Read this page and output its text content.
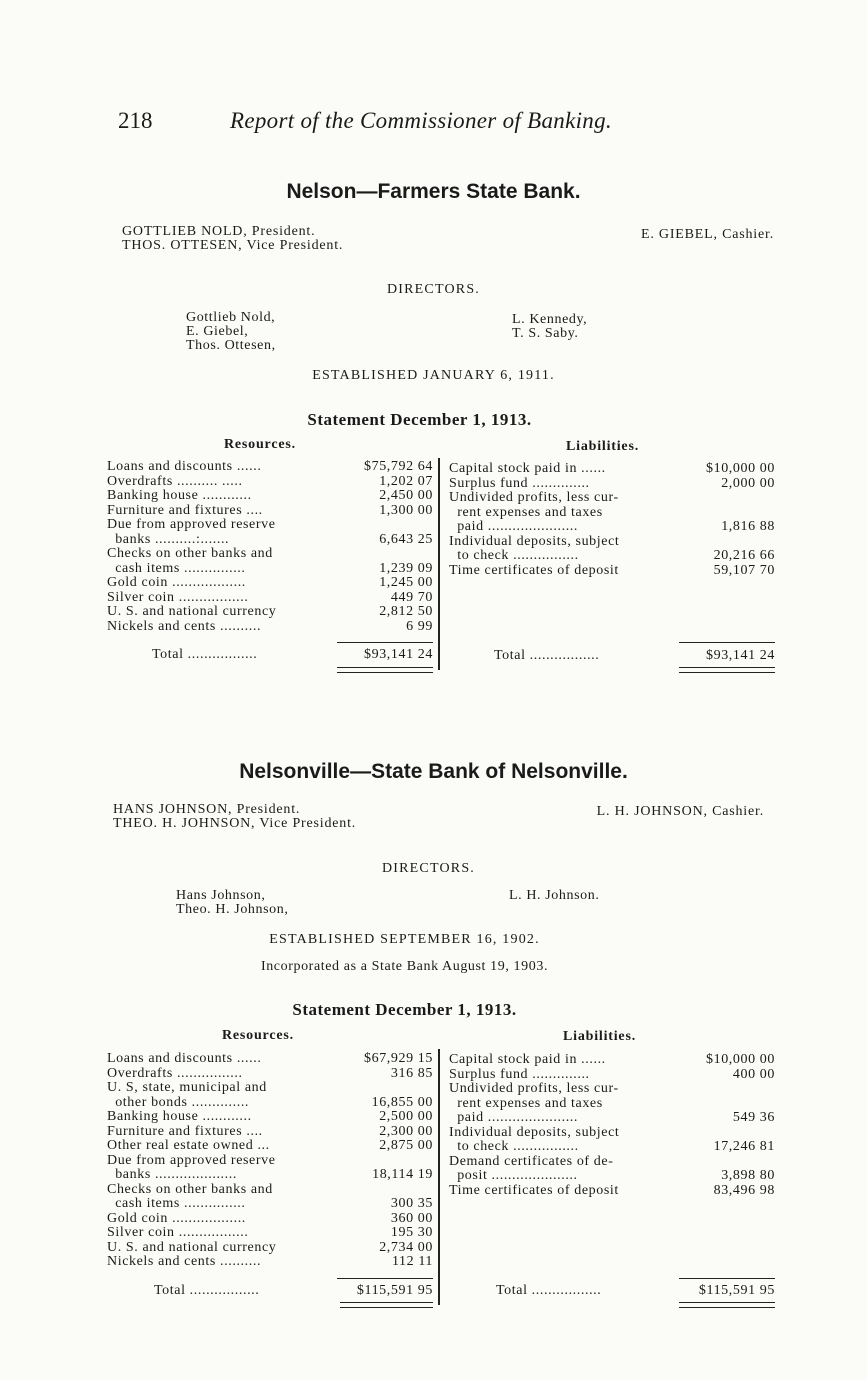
218	Report of the Commissioner of Banking.
Nelson—Farmers State Bank.
GOTTLIEB NOLD, President.
THOS. OTTESEN, Vice President.
E. GIEBEL, Cashier.
DIRECTORS.
Gottlieb Nold,
E. Giebel,
Thos. Ottesen,
L. Kennedy,
T. S. Saby.
ESTABLISHED JANUARY 6, 1911.
Statement December 1, 1913.
Resources.	Liabilities.
Loans and discounts ......	$75,792 64
Overdrafts .......... .....	1,202 07
Banking house ............	2,450 00
Furniture and fixtures ....	1,300 00
Due from approved reserve
banks ..........:.......	6,643 25
Checks on other banks and
cash items ...............	1,239 09
Gold coin ..................	1,245 00
Silver coin .................	449 70
U. S. and national currency	2,812 50
Nickels and cents ..........	6 99
Capital stock paid in ......	$10,000 00
Surplus fund ..............	2,000 00
Undivided profits, less cur-
rent expenses and taxes
paid ......................	1,816 88
Individual deposits, subject
to check ................	20,216 66
Time certificates of deposit	59,107 70
Total .................	$93,141 24	Total .................	$93,141 24
Nelsonville—State Bank of Nelsonville.
HANS JOHNSON, President.
THEO. H. JOHNSON, Vice President.
L. H. JOHNSON, Cashier.
DIRECTORS.
Hans Johnson,
Theo. H. Johnson,
L. H. Johnson.
ESTABLISHED SEPTEMBER 16, 1902.
Incorporated as a State Bank August 19, 1903.
Statement December 1, 1913.
Resources.	Liabilities.
Loans and discounts ......	$67,929 15
Overdrafts ................	316 85
U. S, state, municipal and
other bonds ..............	16,855 00
Banking house ............	2,500 00
Furniture and fixtures ....	2,300 00
Other real estate owned ...	2,875 00
Due from approved reserve
banks ....................	18,114 19
Checks on other banks and
cash items ...............	300 35
Gold coin ..................	360 00
Silver coin .................	195 30
U. S. and national currency	2,734 00
Nickels and cents ..........	112 11
Capital stock paid in ......	$10,000 00
Surplus fund ..............	400 00
Undivided profits, less cur-
rent expenses and taxes
paid ......................	549 36
Individual deposits, subject
to check ................	17,246 81
Demand certificates of de-
posit .....................	3,898 80
Time certificates of deposit	83,496 98
Total .................	$115,591 95	Total .................	$115,591 95
